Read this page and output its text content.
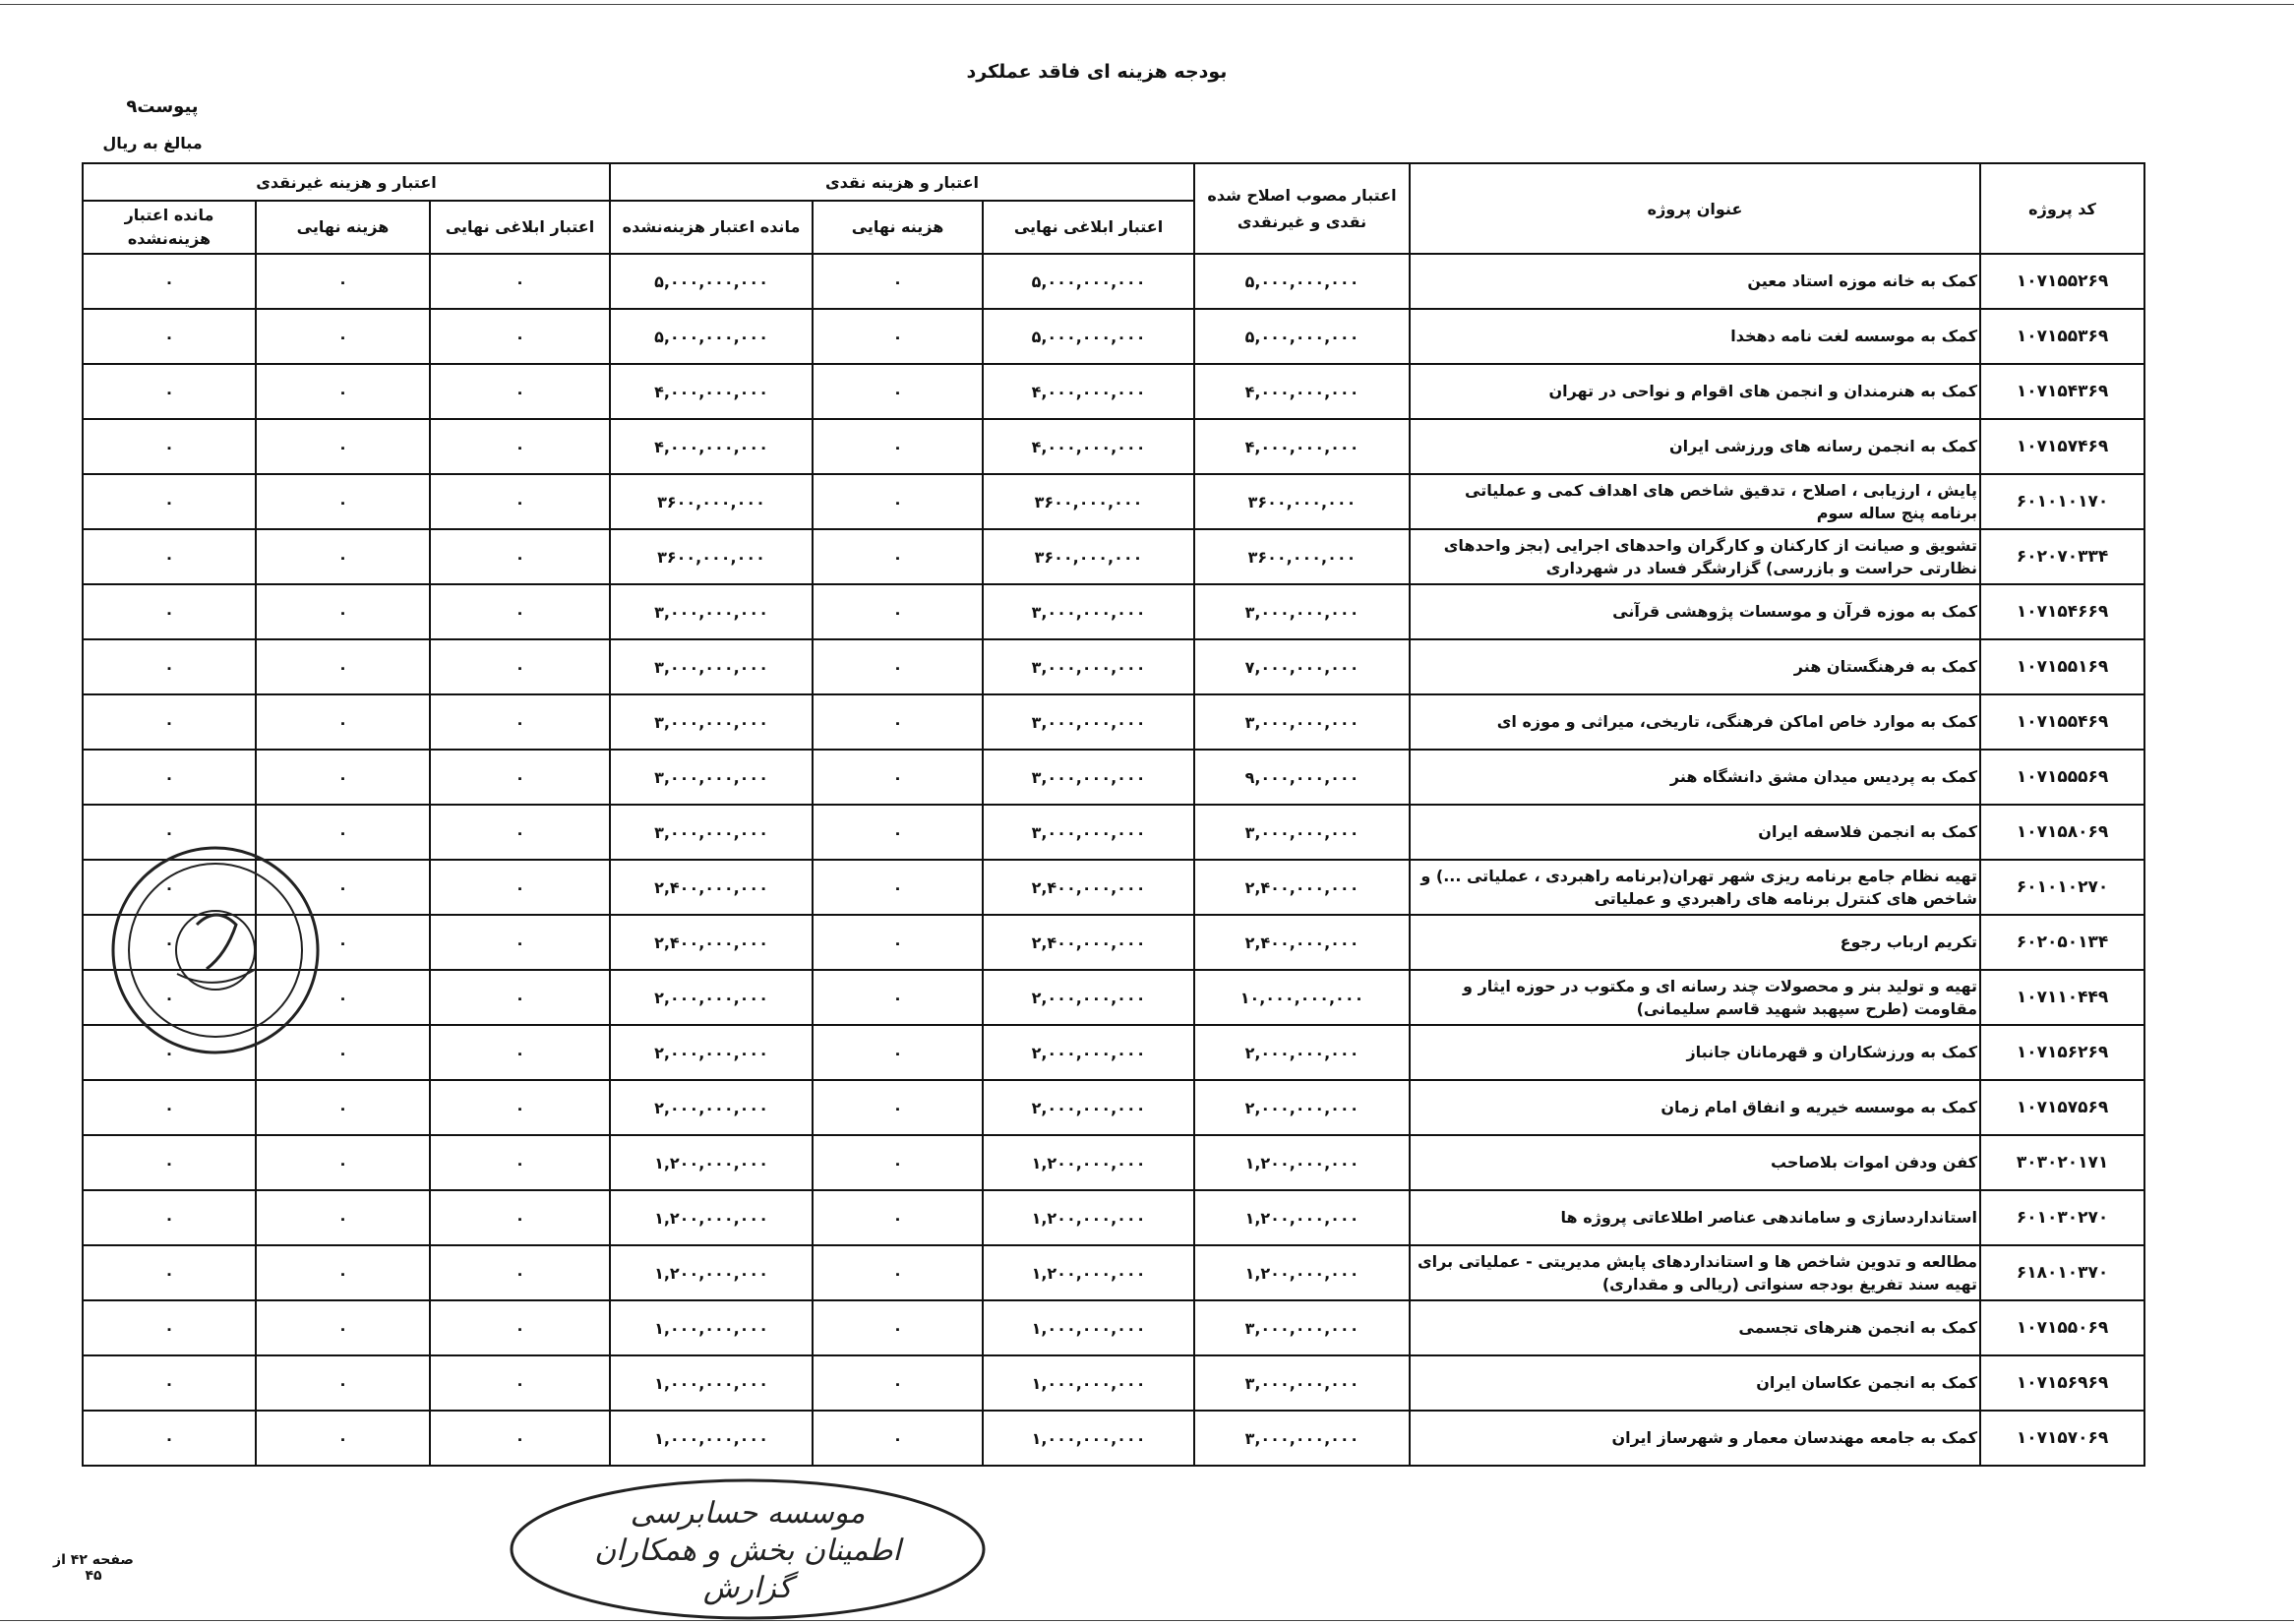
بودجه هزینه ای فاقد عملکرد
پیوست۹
مبالغ به ریال
کد پروژه	عنوان پروژه	اعتبار مصوب اصلاح شده نقدی و غیرنقدی	اعتبار و هزینه نقدی			اعتبار و هزینه غیرنقدی		
			اعتبار ابلاغی نهایی	هزینه نهایی	مانده اعتبار هزینه‌نشده	اعتبار ابلاغی نهایی	هزینه نهایی	مانده اعتبار هزینه‌نشده
۱۰۷۱۵۵۲۶۹	کمک به خانه موزه استاد معین	۵,۰۰۰,۰۰۰,۰۰۰	۵,۰۰۰,۰۰۰,۰۰۰	۰	۵,۰۰۰,۰۰۰,۰۰۰	۰	۰	۰
۱۰۷۱۵۵۳۶۹	کمک به موسسه لغت نامه دهخدا	۵,۰۰۰,۰۰۰,۰۰۰	۵,۰۰۰,۰۰۰,۰۰۰	۰	۵,۰۰۰,۰۰۰,۰۰۰	۰	۰	۰
۱۰۷۱۵۴۳۶۹	کمک به هنرمندان و انجمن های اقوام و نواحی در تهران	۴,۰۰۰,۰۰۰,۰۰۰	۴,۰۰۰,۰۰۰,۰۰۰	۰	۴,۰۰۰,۰۰۰,۰۰۰	۰	۰	۰
۱۰۷۱۵۷۴۶۹	کمک به انجمن رسانه های ورزشی ایران	۴,۰۰۰,۰۰۰,۰۰۰	۴,۰۰۰,۰۰۰,۰۰۰	۰	۴,۰۰۰,۰۰۰,۰۰۰	۰	۰	۰
۶۰۱۰۱۰۱۷۰	پایش ، ارزیابی ، اصلاح ، تدقیق شاخص های اهداف کمی و عملیاتی برنامه پنج ساله سوم	۳۶۰۰,۰۰۰,۰۰۰	۳۶۰۰,۰۰۰,۰۰۰	۰	۳۶۰۰,۰۰۰,۰۰۰	۰	۰	۰
۶۰۲۰۷۰۳۳۴	تشویق و صیانت از کارکنان و کارگران واحدهای اجرایی (بجز واحدهای نظارتی حراست و بازرسی) گزارشگر فساد در شهرداری	۳۶۰۰,۰۰۰,۰۰۰	۳۶۰۰,۰۰۰,۰۰۰	۰	۳۶۰۰,۰۰۰,۰۰۰	۰	۰	۰
۱۰۷۱۵۴۶۶۹	کمک به موزه قرآن و موسسات پژوهشی قرآنی	۳,۰۰۰,۰۰۰,۰۰۰	۳,۰۰۰,۰۰۰,۰۰۰	۰	۳,۰۰۰,۰۰۰,۰۰۰	۰	۰	۰
۱۰۷۱۵۵۱۶۹	کمک به فرهنگستان هنر	۷,۰۰۰,۰۰۰,۰۰۰	۳,۰۰۰,۰۰۰,۰۰۰	۰	۳,۰۰۰,۰۰۰,۰۰۰	۰	۰	۰
۱۰۷۱۵۵۴۶۹	کمک به موارد خاص اماکن فرهنگی، تاریخی، میراثی و موزه ای	۳,۰۰۰,۰۰۰,۰۰۰	۳,۰۰۰,۰۰۰,۰۰۰	۰	۳,۰۰۰,۰۰۰,۰۰۰	۰	۰	۰
۱۰۷۱۵۵۵۶۹	کمک به پردیس میدان مشق دانشگاه هنر	۹,۰۰۰,۰۰۰,۰۰۰	۳,۰۰۰,۰۰۰,۰۰۰	۰	۳,۰۰۰,۰۰۰,۰۰۰	۰	۰	۰
۱۰۷۱۵۸۰۶۹	کمک به انجمن فلاسفه ایران	۳,۰۰۰,۰۰۰,۰۰۰	۳,۰۰۰,۰۰۰,۰۰۰	۰	۳,۰۰۰,۰۰۰,۰۰۰	۰	۰	۰
۶۰۱۰۱۰۲۷۰	تهیه نظام جامع برنامه ریزی شهر تهران(برنامه راهبردی ، عملیاتی ...) و شاخص های کنترل برنامه های راهبردي و عملیاتی	۲,۴۰۰,۰۰۰,۰۰۰	۲,۴۰۰,۰۰۰,۰۰۰	۰	۲,۴۰۰,۰۰۰,۰۰۰	۰	۰	۰
۶۰۲۰۵۰۱۳۴	تکریم ارباب رجوع	۲,۴۰۰,۰۰۰,۰۰۰	۲,۴۰۰,۰۰۰,۰۰۰	۰	۲,۴۰۰,۰۰۰,۰۰۰	۰	۰	۰
۱۰۷۱۱۰۴۴۹	تهیه و تولید بنر و محصولات چند رسانه ای و مکتوب در حوزه ایثار و مقاومت (طرح سپهبد شهید قاسم سلیمانی)	۱۰,۰۰۰,۰۰۰,۰۰۰	۲,۰۰۰,۰۰۰,۰۰۰	۰	۲,۰۰۰,۰۰۰,۰۰۰	۰	۰	۰
۱۰۷۱۵۶۲۶۹	کمک به ورزشکاران و قهرمانان جانباز	۲,۰۰۰,۰۰۰,۰۰۰	۲,۰۰۰,۰۰۰,۰۰۰	۰	۲,۰۰۰,۰۰۰,۰۰۰	۰	۰	۰
۱۰۷۱۵۷۵۶۹	کمک به موسسه خیریه و انفاق امام زمان	۲,۰۰۰,۰۰۰,۰۰۰	۲,۰۰۰,۰۰۰,۰۰۰	۰	۲,۰۰۰,۰۰۰,۰۰۰	۰	۰	۰
۳۰۳۰۲۰۱۷۱	کفن ودفن اموات بلاصاحب	۱,۲۰۰,۰۰۰,۰۰۰	۱,۲۰۰,۰۰۰,۰۰۰	۰	۱,۲۰۰,۰۰۰,۰۰۰	۰	۰	۰
۶۰۱۰۳۰۲۷۰	استانداردسازی و ساماندهی عناصر اطلاعاتی پروژه ها	۱,۲۰۰,۰۰۰,۰۰۰	۱,۲۰۰,۰۰۰,۰۰۰	۰	۱,۲۰۰,۰۰۰,۰۰۰	۰	۰	۰
۶۱۸۰۱۰۳۷۰	مطالعه و تدوین شاخص ها و استانداردهای پایش مدیریتی - عملیاتی برای تهیه سند تفریغ بودجه سنواتی (ریالی و مقداری)	۱,۲۰۰,۰۰۰,۰۰۰	۱,۲۰۰,۰۰۰,۰۰۰	۰	۱,۲۰۰,۰۰۰,۰۰۰	۰	۰	۰
۱۰۷۱۵۵۰۶۹	کمک به انجمن هنرهای تجسمی	۳,۰۰۰,۰۰۰,۰۰۰	۱,۰۰۰,۰۰۰,۰۰۰	۰	۱,۰۰۰,۰۰۰,۰۰۰	۰	۰	۰
۱۰۷۱۵۶۹۶۹	کمک به انجمن عکاسان ایران	۳,۰۰۰,۰۰۰,۰۰۰	۱,۰۰۰,۰۰۰,۰۰۰	۰	۱,۰۰۰,۰۰۰,۰۰۰	۰	۰	۰
۱۰۷۱۵۷۰۶۹	کمک به جامعه مهندسان معمار و شهرساز ایران	۳,۰۰۰,۰۰۰,۰۰۰	۱,۰۰۰,۰۰۰,۰۰۰	۰	۱,۰۰۰,۰۰۰,۰۰۰	۰	۰	۰
موسسه حسابرسی
اطمینان بخش و همکاران
گزارش
صفحه ۴۲ از ۴۵
